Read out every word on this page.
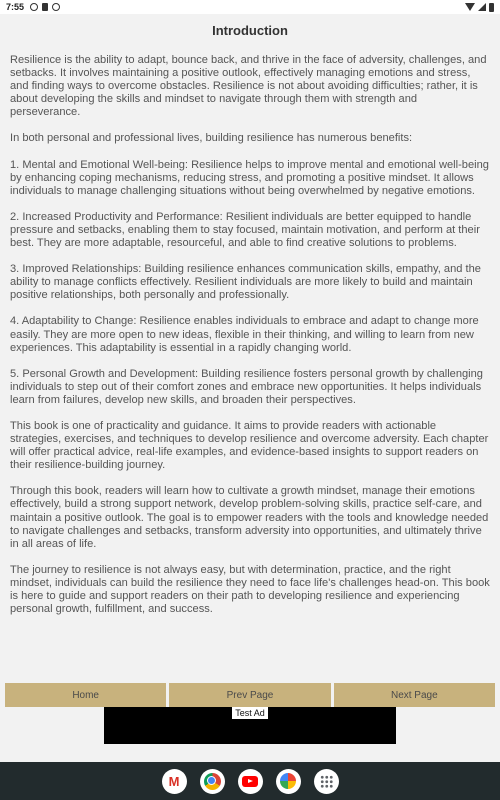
7:55
Introduction

Resilience is the ability to adapt, bounce back, and thrive in the face of adversity, challenges, and setbacks. It involves maintaining a positive outlook, effectively managing emotions and stress, and finding ways to overcome obstacles. Resilience is not about avoiding difficulties; rather, it is about developing the skills and mindset to navigate through them with strength and perseverance.

In both personal and professional lives, building resilience has numerous benefits:

1. Mental and Emotional Well-being: Resilience helps to improve mental and emotional well-being by enhancing coping mechanisms, reducing stress, and promoting a positive mindset. It allows individuals to manage challenging situations without being overwhelmed by negative emotions.

2. Increased Productivity and Performance: Resilient individuals are better equipped to handle pressure and setbacks, enabling them to stay focused, maintain motivation, and perform at their best. They are more adaptable, resourceful, and able to find creative solutions to problems.

3. Improved Relationships: Building resilience enhances communication skills, empathy, and the ability to manage conflicts effectively. Resilient individuals are more likely to build and maintain positive relationships, both personally and professionally.

4. Adaptability to Change: Resilience enables individuals to embrace and adapt to change more easily. They are more open to new ideas, flexible in their thinking, and willing to learn from new experiences. This adaptability is essential in a rapidly changing world.

5. Personal Growth and Development: Building resilience fosters personal growth by challenging individuals to step out of their comfort zones and embrace new opportunities. It helps individuals learn from failures, develop new skills, and broaden their perspectives.

This book is one of practicality and guidance. It aims to provide readers with actionable strategies, exercises, and techniques to develop resilience and overcome adversity. Each chapter will offer practical advice, real-life examples, and evidence-based insights to support readers on their resilience-building journey.

Through this book, readers will learn how to cultivate a growth mindset, manage their emotions effectively, build a strong support network, develop problem-solving skills, practice self-care, and maintain a positive outlook. The goal is to empower readers with the tools and knowledge needed to navigate challenges and setbacks, transform adversity into opportunities, and ultimately thrive in all areas of life.

The journey to resilience is not always easy, but with determination, practice, and the right mindset, individuals can build the resilience they need to face life's challenges head-on. This book is here to guide and support readers on their path to developing resilience and experiencing personal growth, fulfillment, and success.

Home	Prev Page	Next Page
Test Ad
M
